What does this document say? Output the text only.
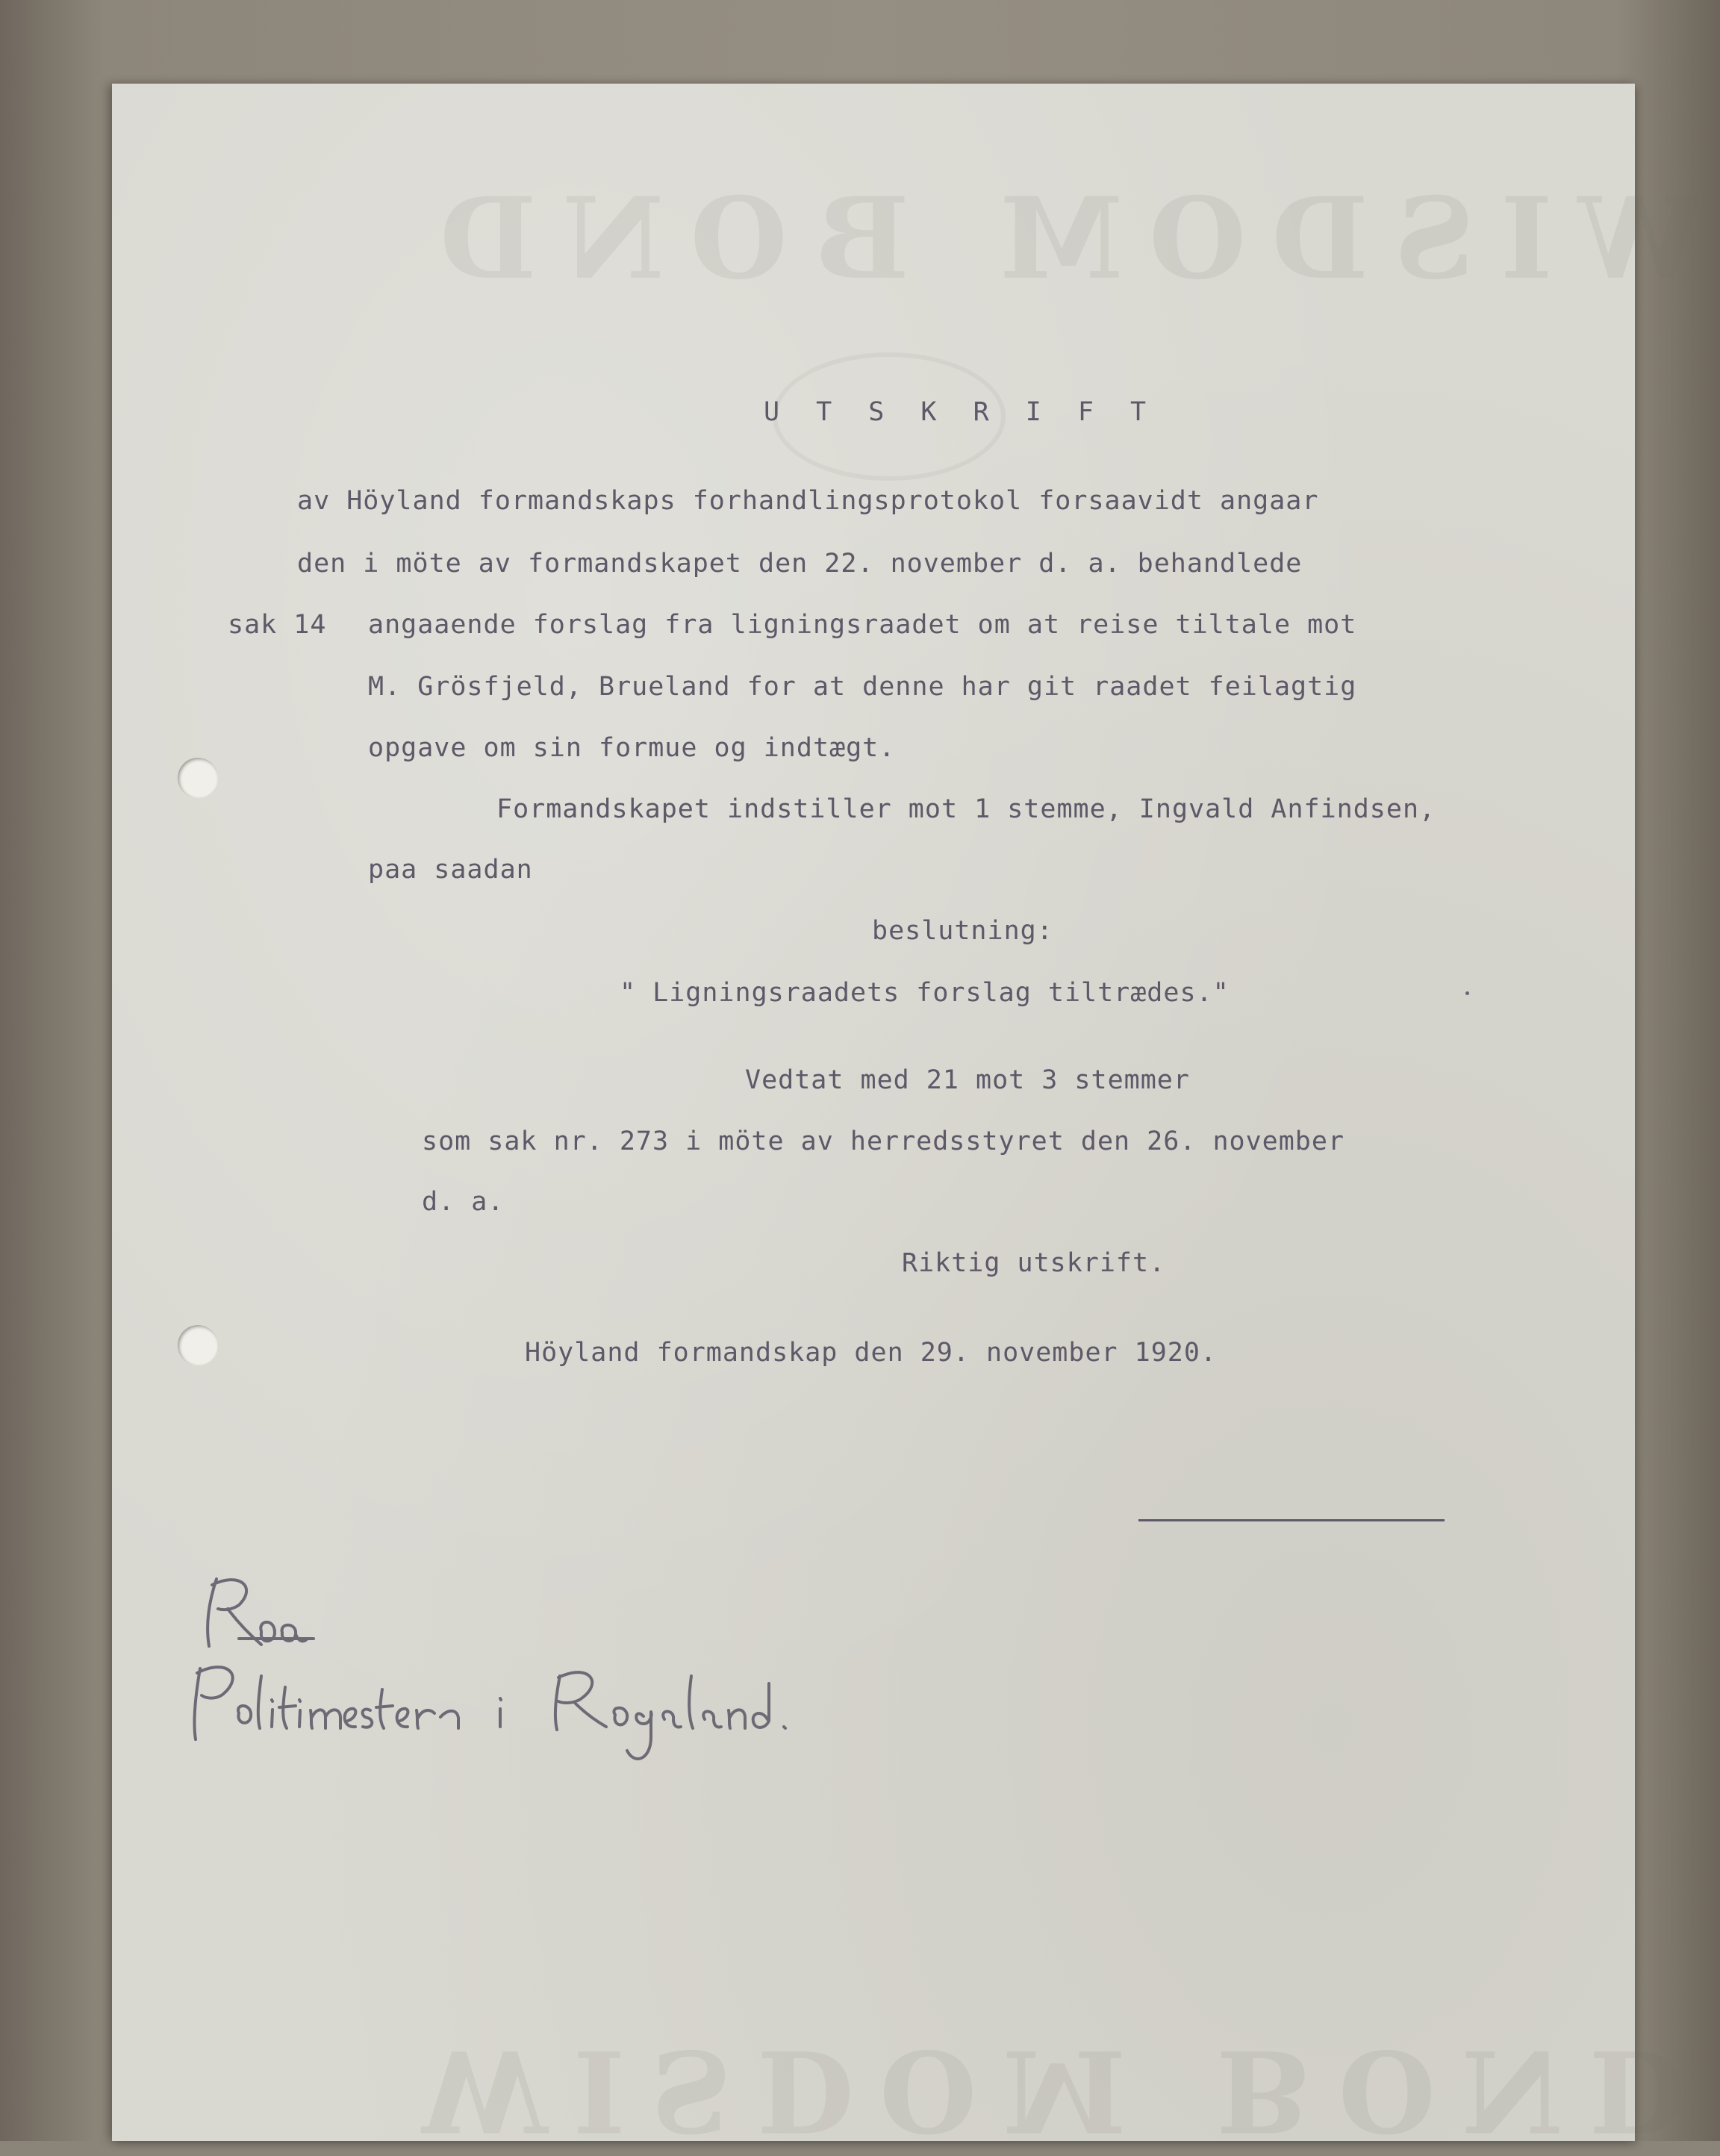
WISDOM BOND
WISDOM BOND

U T S K R I F T

av Höyland formandskaps forhandlingsprotokol forsaavidt angaar

den i möte av formandskapet den 22. november d. a. behandlede

sak 14 angaaende forslag fra ligningsraadet om at reise tiltale mot

M. Grösfjeld, Brueland for at denne har git raadet feilagtig

opgave om sin formue og indtægt.

Formandskapet indstiller mot 1 stemme, Ingvald Anfindsen,

paa saadan

beslutning:

" Ligningsraadets forslag tiltrædes."

Vedtat med 21 mot 3 stemmer

som sak nr. 273 i möte av herredsstyret den 26. november

d. a.

Riktig utskrift.

Höyland formandskap den 29. november 1920.
